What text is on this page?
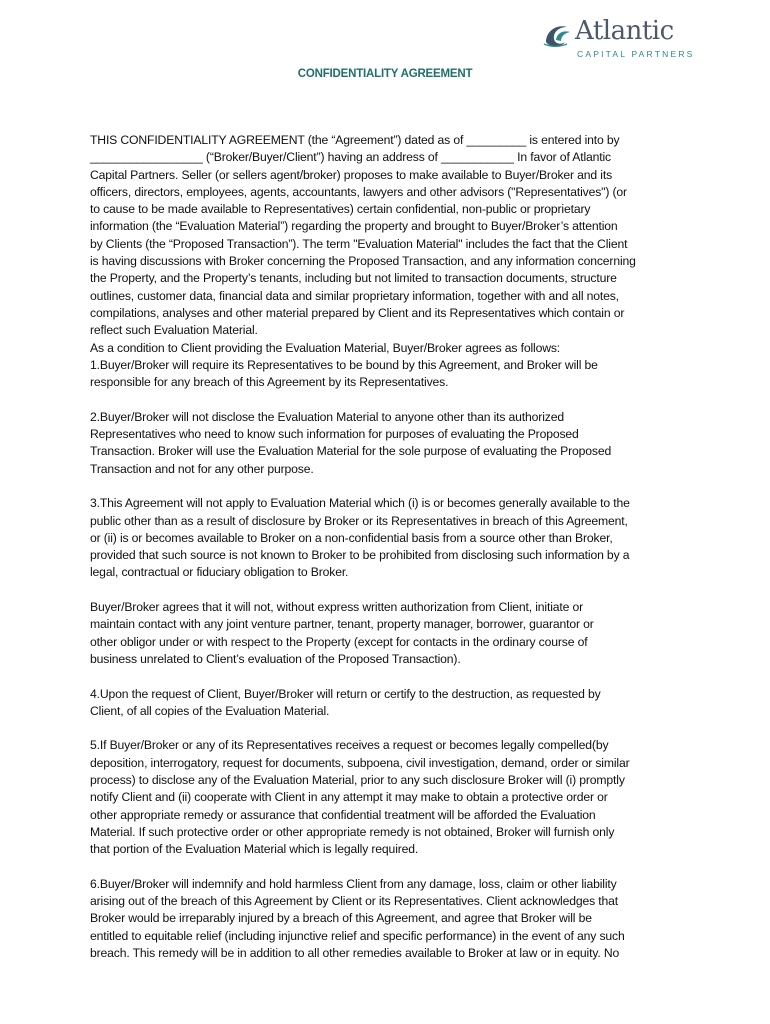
Atlantic
CAPITAL PARTNERS
CONFIDENTIALITY AGREEMENT
THIS CONFIDENTIALITY AGREEMENT (the “Agreement”) dated as of _________ is entered into by
_________________ (“Broker/Buyer/Client”) having an address of ___________ In favor of Atlantic
Capital Partners. Seller (or sellers agent/broker) proposes to make available to Buyer/Broker and its
officers, directors, employees, agents, accountants, lawyers and other advisors ("Representatives") (or
to cause to be made available to Representatives) certain confidential, non-public or proprietary
information (the “Evaluation Material”) regarding the property and brought to Buyer/Broker’s attention
by Clients (the “Proposed Transaction”). The term "Evaluation Material" includes the fact that the Client
is having discussions with Broker concerning the Proposed Transaction, and any information concerning
the Property, and the Property’s tenants, including but not limited to transaction documents, structure
outlines, customer data, financial data and similar proprietary information, together with and all notes,
compilations, analyses and other material prepared by Client and its Representatives which contain or
reflect such Evaluation Material.
As a condition to Client providing the Evaluation Material, Buyer/Broker agrees as follows:
1.Buyer/Broker will require its Representatives to be bound by this Agreement, and Broker will be
responsible for any breach of this Agreement by its Representatives.
2.Buyer/Broker will not disclose the Evaluation Material to anyone other than its authorized
Representatives who need to know such information for purposes of evaluating the Proposed
Transaction. Broker will use the Evaluation Material for the sole purpose of evaluating the Proposed
Transaction and not for any other purpose.
3.This Agreement will not apply to Evaluation Material which (i) is or becomes generally available to the
public other than as a result of disclosure by Broker or its Representatives in breach of this Agreement,
or (ii) is or becomes available to Broker on a non-confidential basis from a source other than Broker,
provided that such source is not known to Broker to be prohibited from disclosing such information by a
legal, contractual or fiduciary obligation to Broker.
Buyer/Broker agrees that it will not, without express written authorization from Client, initiate or
maintain contact with any joint venture partner, tenant, property manager, borrower, guarantor or
other obligor under or with respect to the Property (except for contacts in the ordinary course of
business unrelated to Client’s evaluation of the Proposed Transaction).
4.Upon the request of Client, Buyer/Broker will return or certify to the destruction, as requested by
Client, of all copies of the Evaluation Material.
5.If Buyer/Broker or any of its Representatives receives a request or becomes legally compelled(by
deposition, interrogatory, request for documents, subpoena, civil investigation, demand, order or similar
process) to disclose any of the Evaluation Material, prior to any such disclosure Broker will (i) promptly
notify Client and (ii) cooperate with Client in any attempt it may make to obtain a protective order or
other appropriate remedy or assurance that confidential treatment will be afforded the Evaluation
Material. If such protective order or other appropriate remedy is not obtained, Broker will furnish only
that portion of the Evaluation Material which is legally required.
6.Buyer/Broker will indemnify and hold harmless Client from any damage, loss, claim or other liability
arising out of the breach of this Agreement by Client or its Representatives. Client acknowledges that
Broker would be irreparably injured by a breach of this Agreement, and agree that Broker will be
entitled to equitable relief (including injunctive relief and specific performance) in the event of any such
breach. This remedy will be in addition to all other remedies available to Broker at law or in equity. No
